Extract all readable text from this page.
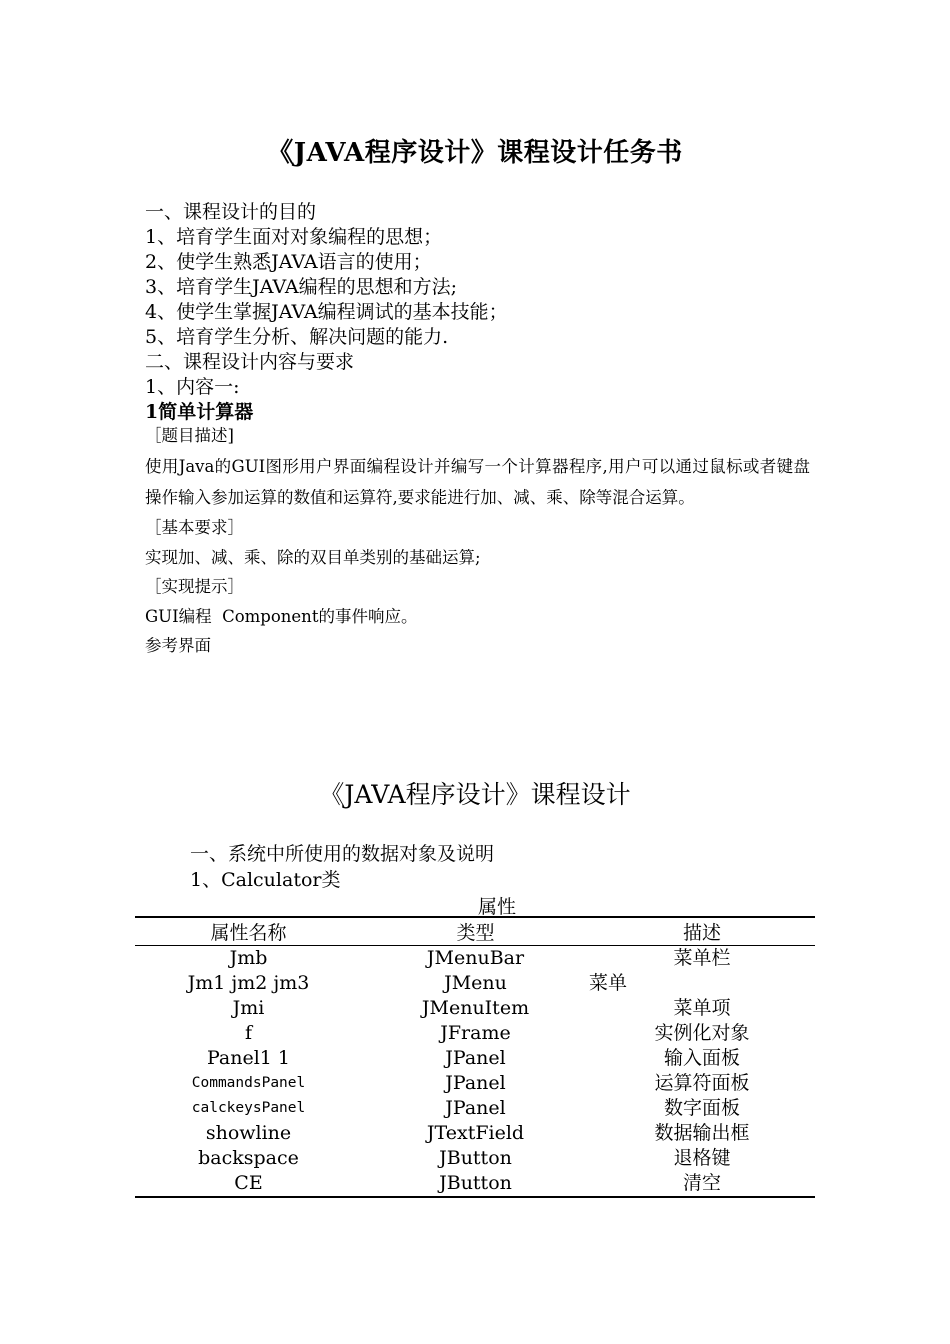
《JAVA程序设计》课程设计任务书
一、课程设计的目的
1、培育学生面对对象编程的思想；
2、使学生熟悉JAVA语言的使用；
3、培育学生JAVA编程的思想和方法;
4、使学生掌握JAVA编程调试的基本技能；
5、培育学生分析、解决问题的能力.
二、课程设计内容与要求
1、内容一:
1简单计算器
［题目描述]
使用Java的GUI图形用户界面编程设计并编写一个计算器程序,用户可以通过鼠标或者键盘操作输入参加运算的数值和运算符,要求能进行加、减、乘、除等混合运算。
［基本要求］
实现加、减、乘、除的双目单类别的基础运算;
［实现提示］
GUI编程  Component的事件响应。
参考界面
《JAVA程序设计》课程设计
一、系统中所使用的数据对象及说明
1、Calculator类
属性
属性名称	类型	描述
Jmb	JMenuBar	菜单栏
Jm1 jm2 jm3	JMenu	菜单
Jmi	JMenuItem	菜单项
f	JFrame	实例化对象
Panel1 1	JPanel	输入面板
CommandsPanel	JPanel	运算符面板
calckeysPanel	JPanel	数字面板
showline	JTextField	数据输出框
backspace	JButton	退格键
CE	JButton	清空
